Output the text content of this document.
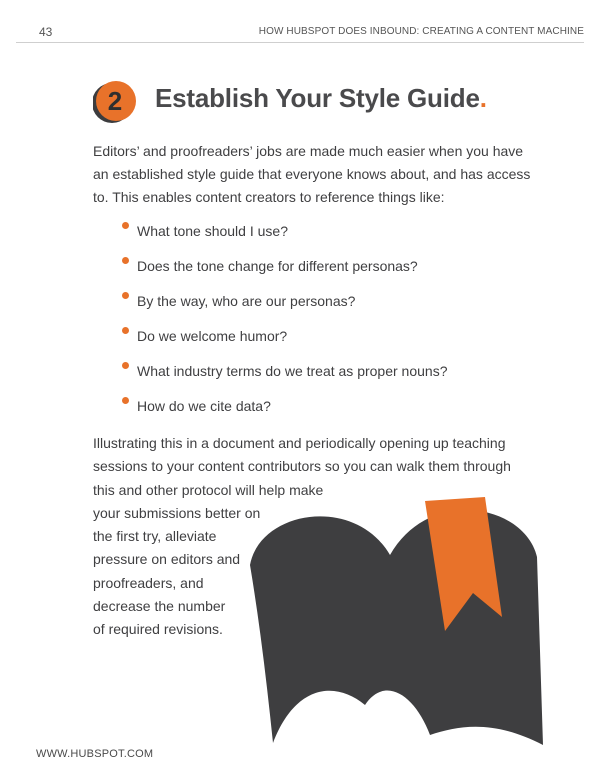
43	HOW HUBSPOT DOES INBOUND: CREATING A CONTENT MACHINE
2	Establish Your Style Guide.

Editors’ and proofreaders’ jobs are made much easier when you have
an established style guide that everyone knows about, and has access
to. This enables content creators to reference things like:

What tone should I use?
Does the tone change for different personas?
By the way, who are our personas?
Do we welcome humor?
What industry terms do we treat as proper nouns?
How do we cite data?

Illustrating this in a document and periodically opening up teaching
sessions to your content contributors so you can walk them through
this and other protocol will help make
your submissions better on
the first try, alleviate
pressure on editors and
proofreaders, and
decrease the number
of required revisions.

WWW.HUBSPOT.COM
